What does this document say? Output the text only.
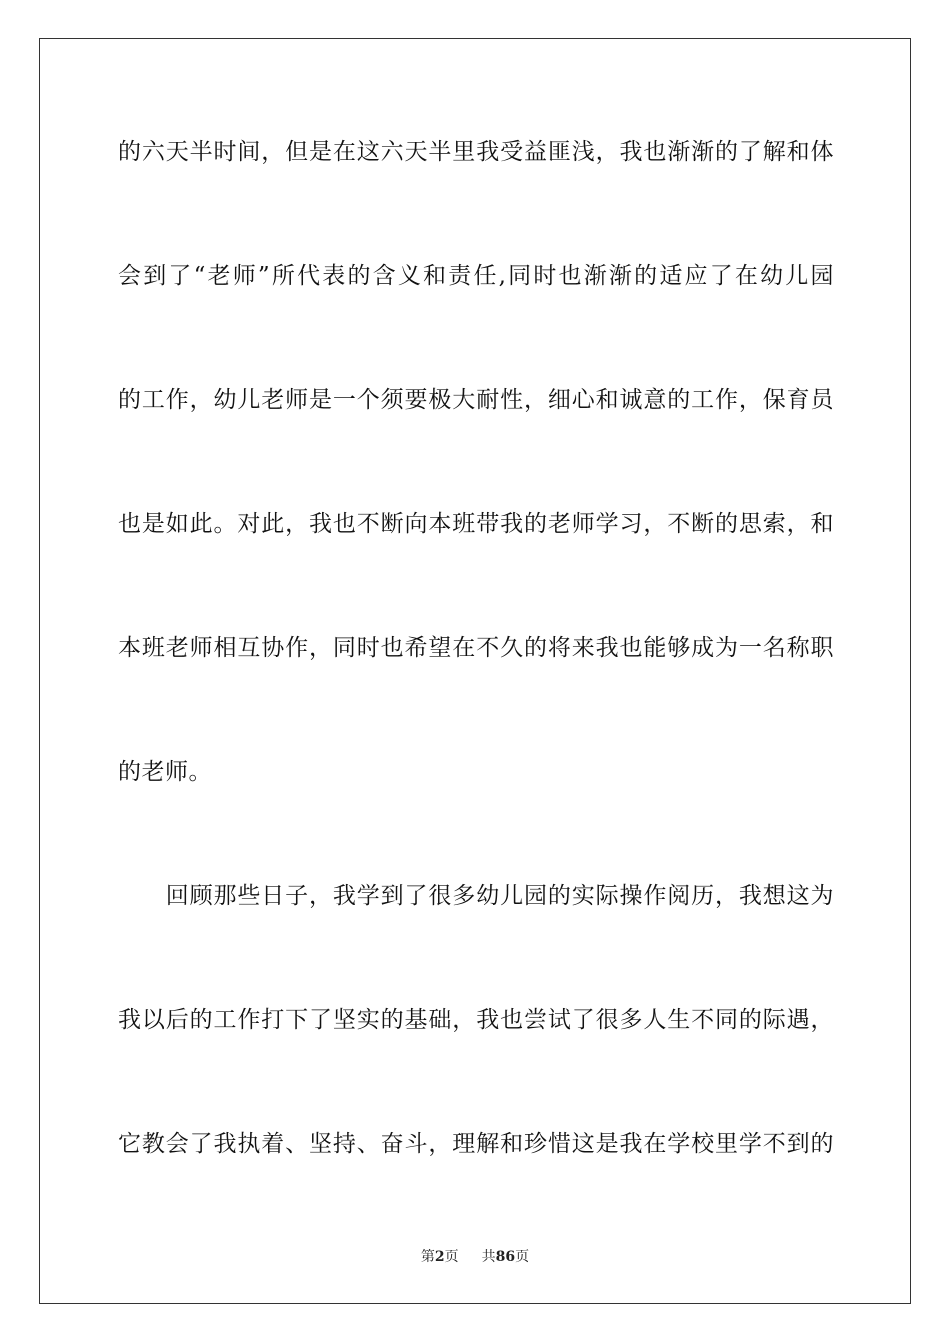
的六天半时间，但是在这六天半里我受益匪浅，我也渐渐的了解和体
会到了“老师”所代表的含义和责任,同时也渐渐的适应了在幼儿园
的工作，幼儿老师是一个须要极大耐性，细心和诚意的工作，保育员
也是如此。对此，我也不断向本班带我的老师学习，不断的思索，和
本班老师相互协作，同时也希望在不久的将来我也能够成为一名称职
的老师。
　　回顾那些日子，我学到了很多幼儿园的实际操作阅历，我想这为
我以后的工作打下了坚实的基础，我也尝试了很多人生不同的际遇，
它教会了我执着、坚持、奋斗，理解和珍惜这是我在学校里学不到的
第2页 共86页
